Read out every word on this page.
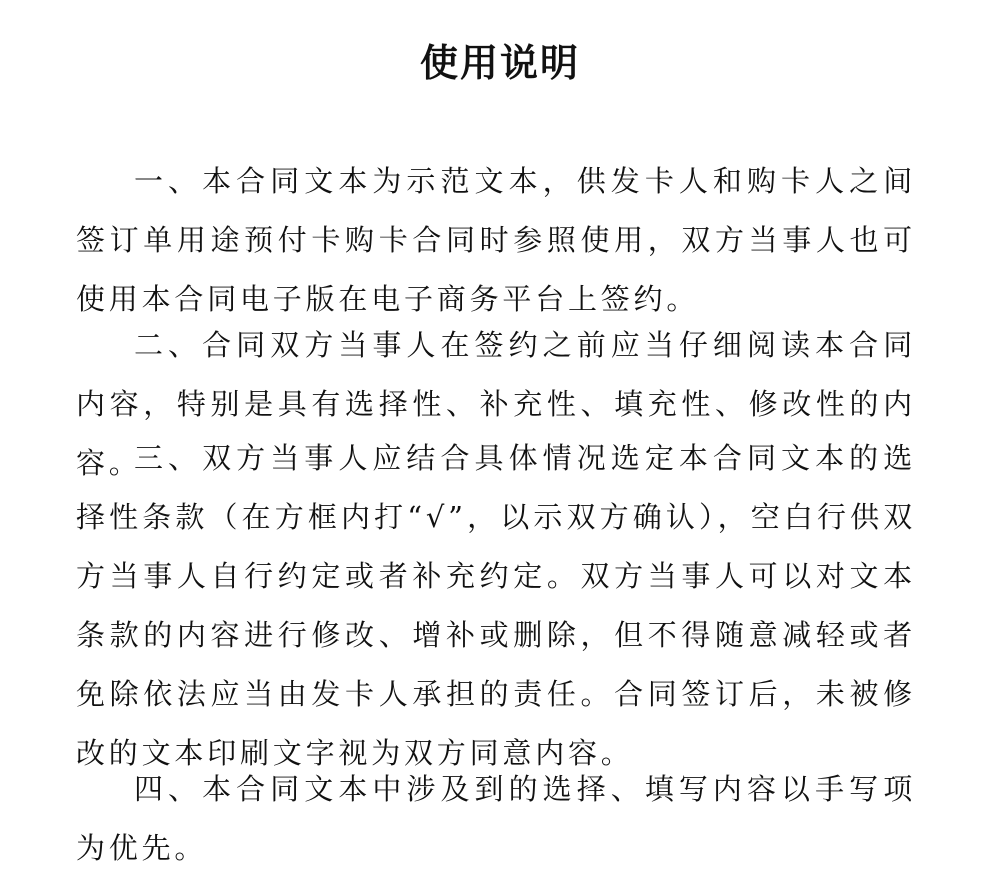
使用说明

一、本合同文本为示范文本，供发卡人和购卡人之间签订单用途预付卡购卡合同时参照使用，双方当事人也可使用本合同电子版在电子商务平台上签约。

二、合同双方当事人在签约之前应当仔细阅读本合同内容，特别是具有选择性、补充性、填充性、修改性的内容。

三、双方当事人应结合具体情况选定本合同文本的选择性条款（在方框内打“√”，以示双方确认），空白行供双方当事人自行约定或者补充约定。双方当事人可以对文本条款的内容进行修改、增补或删除，但不得随意减轻或者免除依法应当由发卡人承担的责任。合同签订后，未被修改的文本印刷文字视为双方同意内容。

四、本合同文本中涉及到的选择、填写内容以手写项为优先。
